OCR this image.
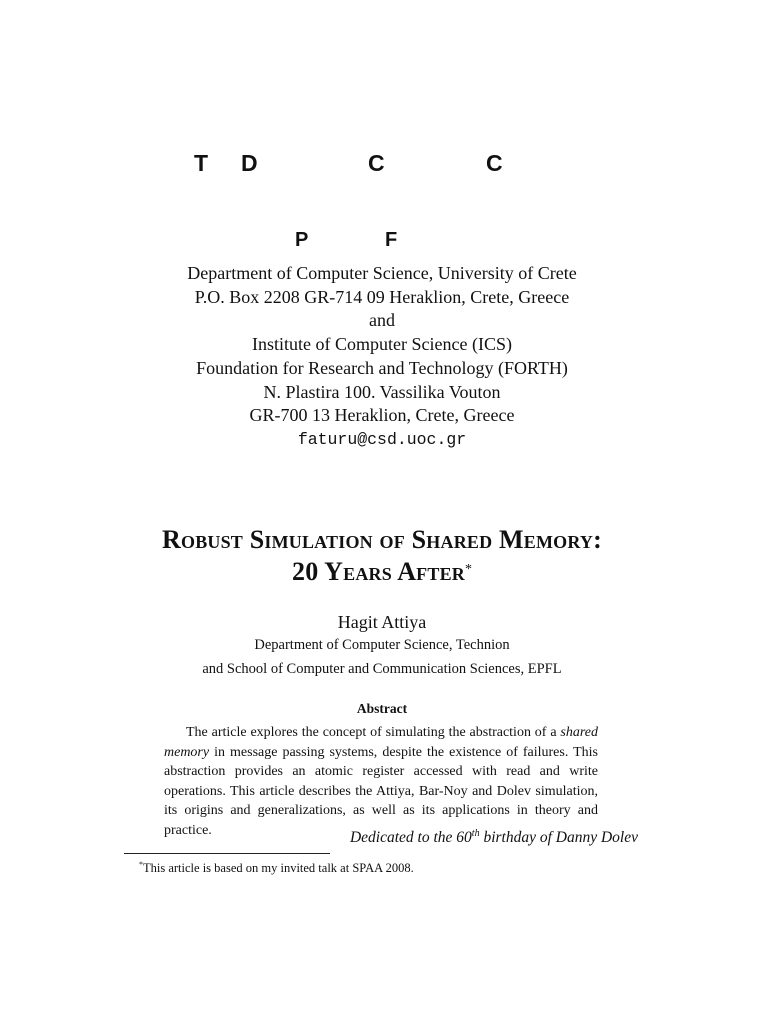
T D	C	C
P	F
Department of Computer Science, University of Crete
P.O. Box 2208 GR-714 09 Heraklion, Crete, Greece
and
Institute of Computer Science (ICS)
Foundation for Research and Technology (FORTH)
N. Plastira 100. Vassilika Vouton
GR-700 13 Heraklion, Crete, Greece
faturu@csd.uoc.gr
Robust Simulation of Shared Memory:
20 Years After*
Hagit Attiya
Department of Computer Science, Technion
and School of Computer and Communication Sciences, EPFL
Abstract
The article explores the concept of simulating the abstraction of a shared memory in message passing systems, despite the existence of failures. This abstraction provides an atomic register accessed with read and write operations. This article describes the Attiya, Bar-Noy and Dolev simulation, its origins and generalizations, as well as its applications in theory and practice.	Dedicated to the 60th birthday of Danny Dolev
*This article is based on my invited talk at SPAA 2008.
